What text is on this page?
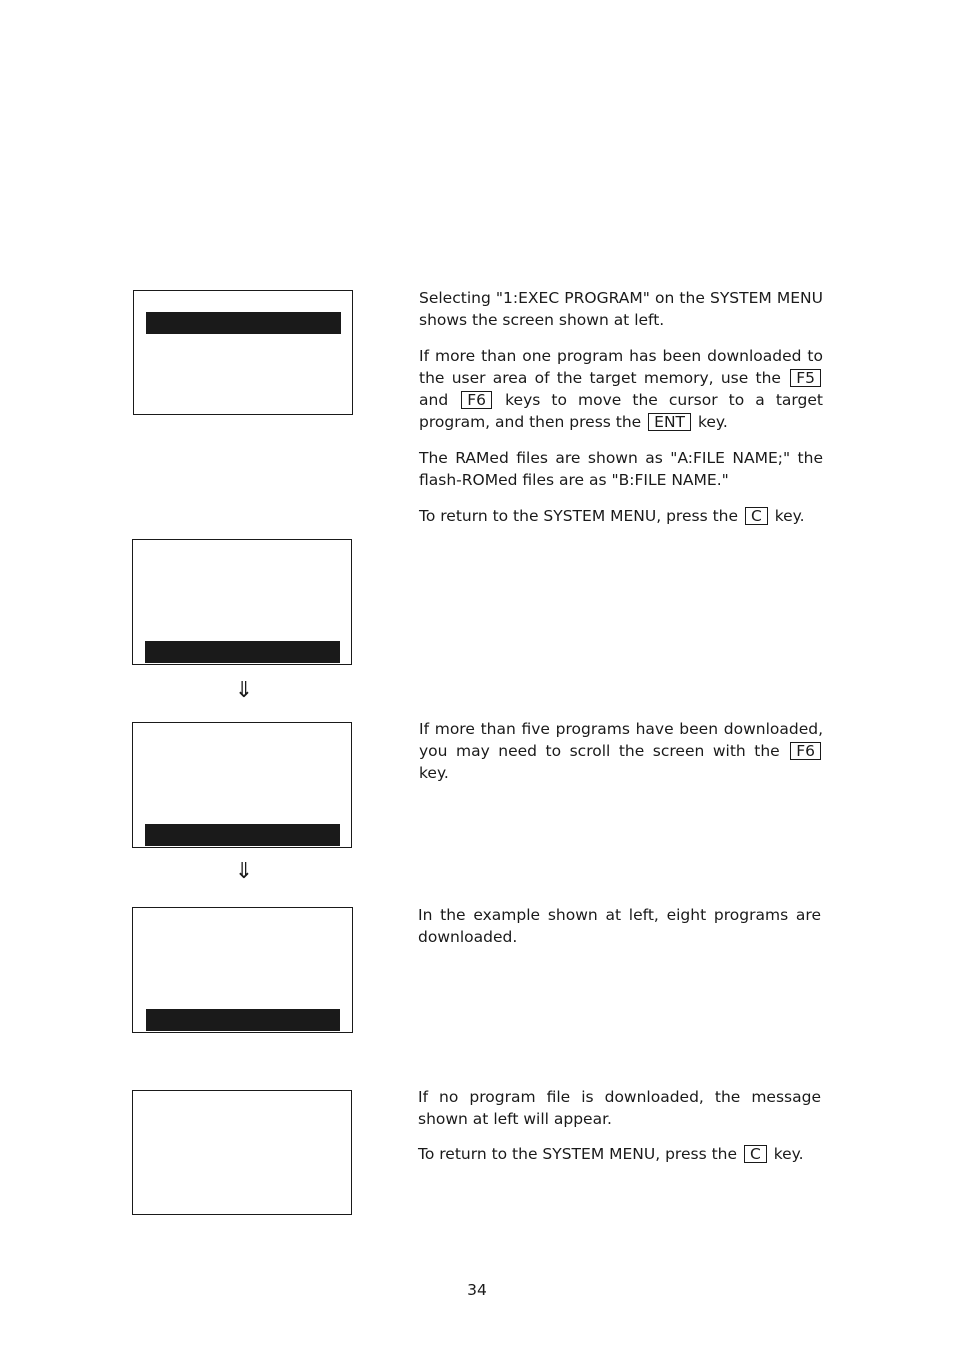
⇓
⇓

Selecting "1:EXEC PROGRAM" on the SYSTEM MENU shows the screen shown at left.

If more than one program has been downloaded to the user area of the target memory, use the F5 and F6 keys to move the cursor to a target program, and then press the ENT key.

The RAMed files are shown as "A:FILE NAME;" the flash-ROMed files are as "B:FILE NAME."

To return to the SYSTEM MENU, press the C key.

If more than five programs have been downloaded, you may need to scroll the screen with the F6 key.

In the example shown at left, eight programs are downloaded.

If no program file is downloaded, the message shown at left will appear.

To return to the SYSTEM MENU, press the C key.

34
